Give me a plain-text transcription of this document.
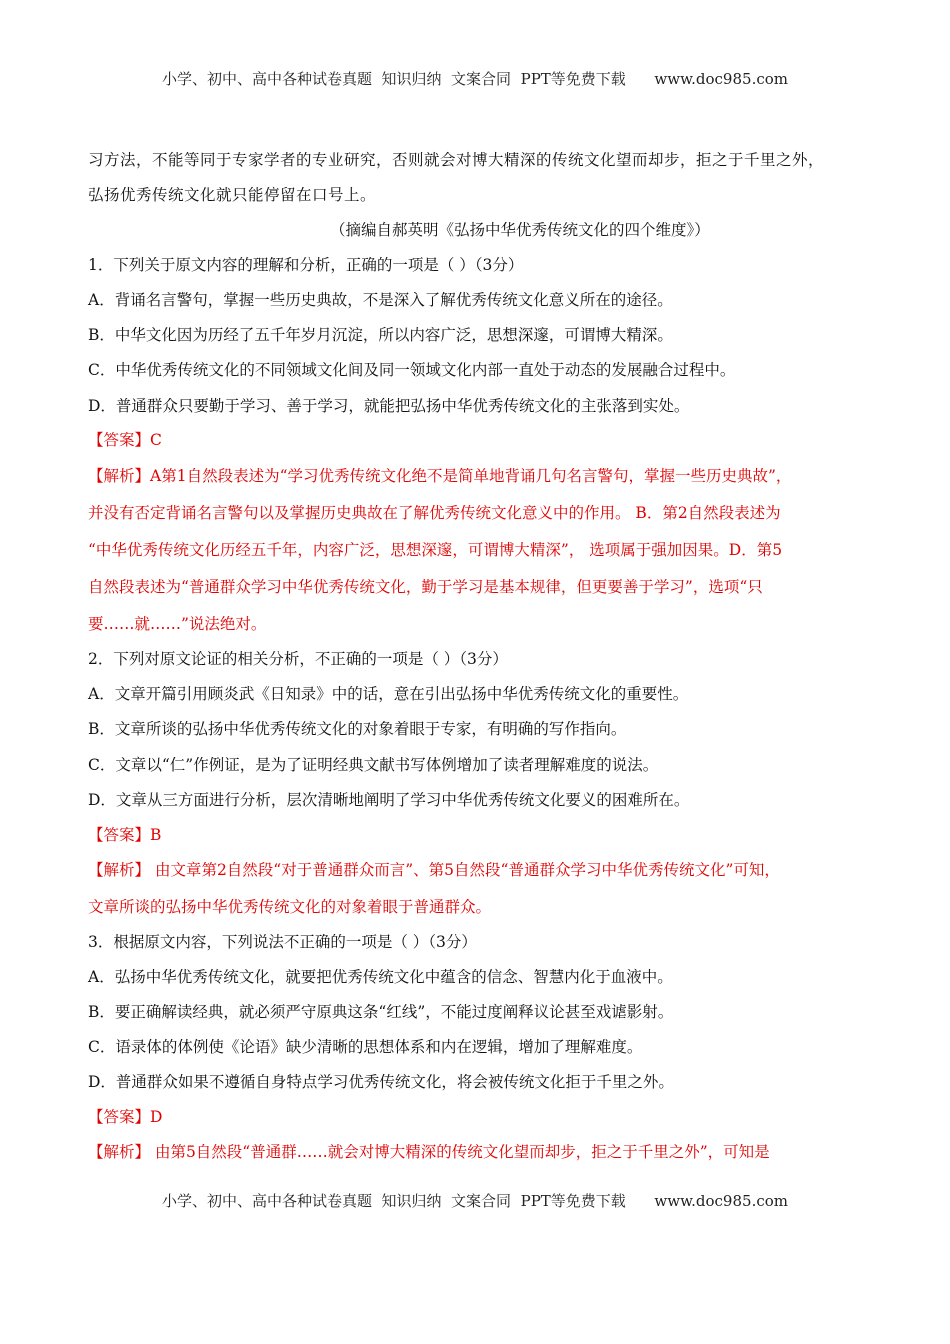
小学、初中、高中各种试卷真题  知识归纳  文案合同  PPT等免费下载      www.doc985.com
习方法，不能等同于专家学者的专业研究，否则就会对博大精深的传统文化望而却步，拒之于千里之外，
弘扬优秀传统文化就只能停留在口号上。
（摘编自郝英明《弘扬中华优秀传统文化的四个维度》）
1．下列关于原文内容的理解和分析，正确的一项是（ ）（3分）
A．背诵名言警句，掌握一些历史典故，不是深入了解优秀传统文化意义所在的途径。
B．中华文化因为历经了五千年岁月沉淀，所以内容广泛，思想深邃，可谓博大精深。
C．中华优秀传统文化的不同领域文化间及同一领域文化内部一直处于动态的发展融合过程中。
D．普通群众只要勤于学习、善于学习，就能把弘扬中华优秀传统文化的主张落到实处。
【答案】C
【解析】A第1自然段表述为“学习优秀传统文化绝不是简单地背诵几句名言警句，掌握一些历史典故”，
并没有否定背诵名言警句以及掌握历史典故在了解优秀传统文化意义中的作用。 B．第2自然段表述为
“中华优秀传统文化历经五千年，内容广泛，思想深邃，可谓博大精深”， 选项属于强加因果。D．第5
自然段表述为“普通群众学习中华优秀传统文化，勤于学习是基本规律，但更要善于学习”，选项“只
要……就……”说法绝对。
2．下列对原文论证的相关分析，不正确的一项是（ ）（3分）
A．文章开篇引用顾炎武《日知录》中的话，意在引出弘扬中华优秀传统文化的重要性。
B．文章所谈的弘扬中华优秀传统文化的对象着眼于专家，有明确的写作指向。
C．文章以“仁”作例证，是为了证明经典文献书写体例增加了读者理解难度的说法。
D．文章从三方面进行分析，层次清晰地阐明了学习中华优秀传统文化要义的困难所在。
【答案】B
【解析】 由文章第2自然段“对于普通群众而言”、第5自然段“普通群众学习中华优秀传统文化”可知，
文章所谈的弘扬中华优秀传统文化的对象着眼于普通群众。
3．根据原文内容，下列说法不正确的一项是（ ）（3分）
A．弘扬中华优秀传统文化，就要把优秀传统文化中蕴含的信念、智慧内化于血液中。
B．要正确解读经典，就必须严守原典这条“红线”，不能过度阐释议论甚至戏谑影射。
C．语录体的体例使《论语》缺少清晰的思想体系和内在逻辑，增加了理解难度。
D．普通群众如果不遵循自身特点学习优秀传统文化，将会被传统文化拒于千里之外。
【答案】D
【解析】 由第5自然段“普通群……就会对博大精深的传统文化望而却步，拒之于千里之外”，可知是
小学、初中、高中各种试卷真题  知识归纳  文案合同  PPT等免费下载      www.doc985.com
